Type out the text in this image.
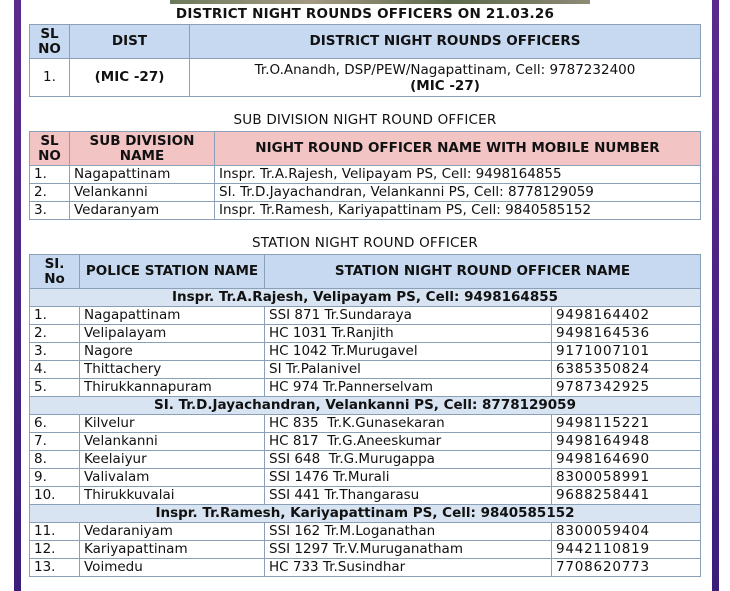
DISTRICT NIGHT ROUNDS OFFICERS ON 21.03.26
SL NO	DIST	DISTRICT NIGHT ROUNDS OFFICERS
1.	(MIC -27)	Tr.O.Anandh, DSP/PEW/Nagapattinam, Cell: 9787232400
(MIC -27)
SUB DIVISION NIGHT ROUND OFFICER
SL NO	SUB DIVISION NAME	NIGHT ROUND OFFICER NAME WITH MOBILE NUMBER
1.	Nagapattinam	Inspr. Tr.A.Rajesh, Velipayam PS, Cell: 9498164855
2.	Velankanni	SI. Tr.D.Jayachandran, Velankanni PS, Cell: 8778129059
3.	Vedaranyam	Inspr. Tr.Ramesh, Kariyapattinam PS, Cell: 9840585152
STATION NIGHT ROUND OFFICER
SI. No	POLICE STATION NAME	STATION NIGHT ROUND OFFICER NAME	
Inspr. Tr.A.Rajesh, Velipayam PS, Cell: 9498164855			
1.	Nagapattinam	SSI 871 Tr.Sundaraya	9498164402
2.	Velipalayam	HC 1031 Tr.Ranjith	9498164536
3.	Nagore	HC 1042 Tr.Murugavel	9171007101
4.	Thittachery	SI Tr.Palanivel	6385350824
5.	Thirukkannapuram	HC 974 Tr.Pannerselvam	9787342925
SI. Tr.D.Jayachandran, Velankanni PS, Cell: 8778129059			
6.	Kilvelur	HC 835  Tr.K.Gunasekaran	9498115221
7.	Velankanni	HC 817  Tr.G.Aneeskumar	9498164948
8.	Keelaiyur	SSI 648  Tr.G.Murugappa	9498164690
9.	Valivalam	SSI 1476 Tr.Murali	8300058991
10.	Thirukkuvalai	SSI 441 Tr.Thangarasu	9688258441
Inspr. Tr.Ramesh, Kariyapattinam PS, Cell: 9840585152			
11.	Vedaraniyam	SSI 162 Tr.M.Loganathan	8300059404
12.	Kariyapattinam	SSI 1297 Tr.V.Muruganatham	9442110819
13.	Voimedu	HC 733 Tr.Susindhar	7708620773
